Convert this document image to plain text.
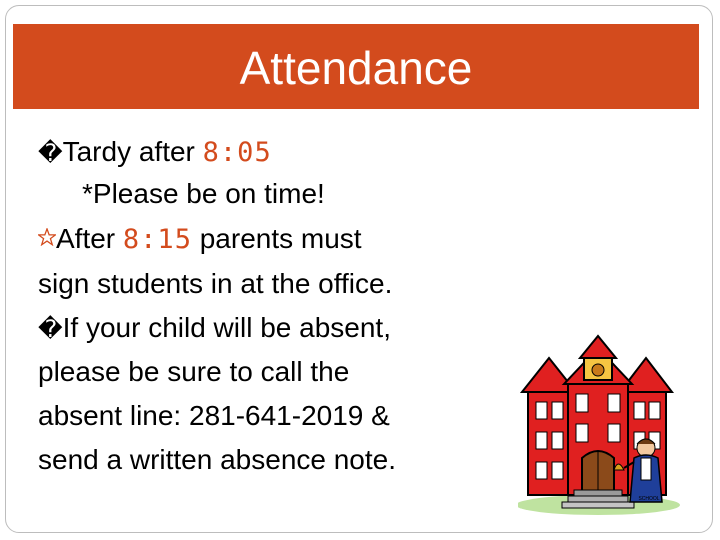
Attendance
�Tardy after 8:05
*Please be on time!
After 8:15 parents must
sign students in at the office.
�If your child will be absent,
please be sure to call the
absent line: 281-641-2019 &
send a written absence note.
SCHOOL
